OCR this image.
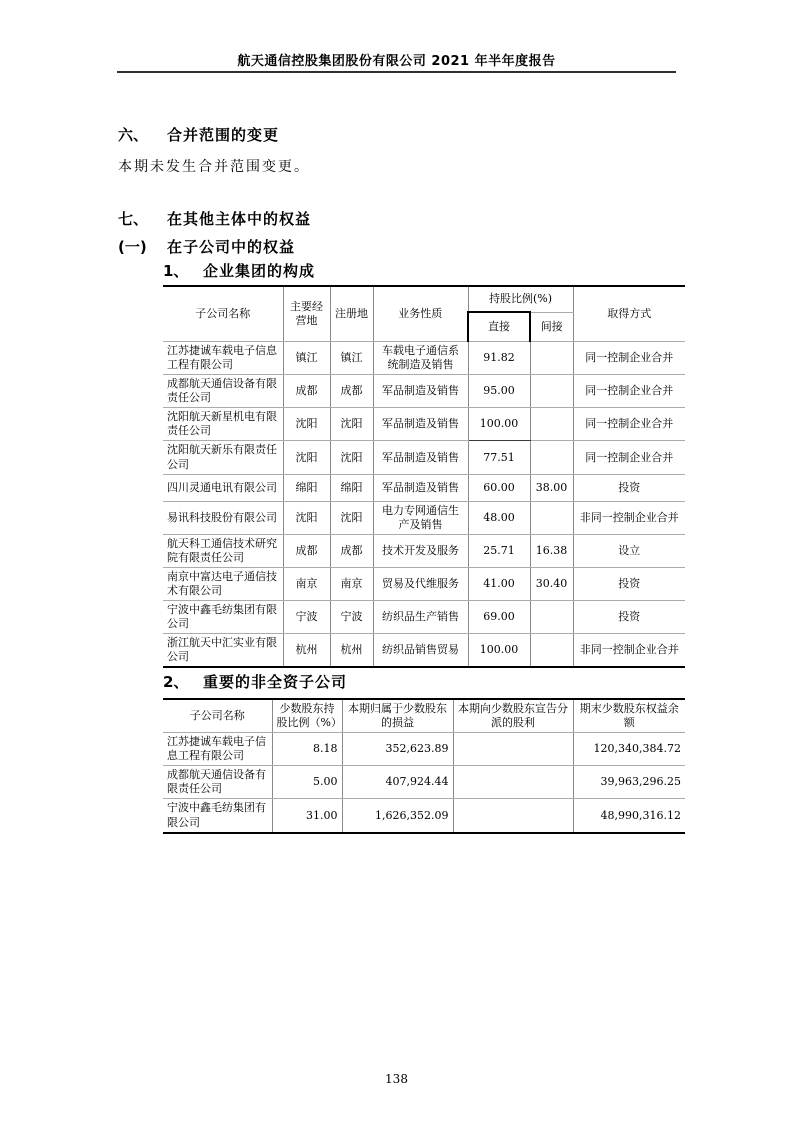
航天通信控股集团股份有限公司 2021 年半年度报告
六、 合并范围的变更
本期未发生合并范围变更。
七、 在其他主体中的权益
(一) 在子公司中的权益
1、 企业集团的构成
子公司名称	主要经营地	注册地	业务性质	持股比例(%)		取得方式
				直接	间接	
江苏捷诚车载电子信息工程有限公司	镇江	镇江	车载电子通信系统制造及销售	91.82		同一控制企业合并
成都航天通信设备有限责任公司	成都	成都	军品制造及销售	95.00		同一控制企业合并
沈阳航天新星机电有限责任公司	沈阳	沈阳	军品制造及销售	100.00		同一控制企业合并
沈阳航天新乐有限责任公司	沈阳	沈阳	军品制造及销售	77.51		同一控制企业合并
四川灵通电讯有限公司	绵阳	绵阳	军品制造及销售	60.00	38.00	投资
易讯科技股份有限公司	沈阳	沈阳	电力专网通信生产及销售	48.00		非同一控制企业合并
航天科工通信技术研究院有限责任公司	成都	成都	技术开发及服务	25.71	16.38	设立
南京中富达电子通信技术有限公司	南京	南京	贸易及代维服务	41.00	30.40	投资
宁波中鑫毛纺集团有限公司	宁波	宁波	纺织品生产销售	69.00		投资
浙江航天中汇实业有限公司	杭州	杭州	纺织品销售贸易	100.00		非同一控制企业合并
2、 重要的非全资子公司
子公司名称	少数股东持股比例（%）	本期归属于少数股东的损益	本期向少数股东宣告分派的股利	期末少数股东权益余额
江苏捷诚车载电子信息工程有限公司	8.18	352,623.89		120,340,384.72
成都航天通信设备有限责任公司	5.00	407,924.44		39,963,296.25
宁波中鑫毛纺集团有限公司	31.00	1,626,352.09		48,990,316.12
138
